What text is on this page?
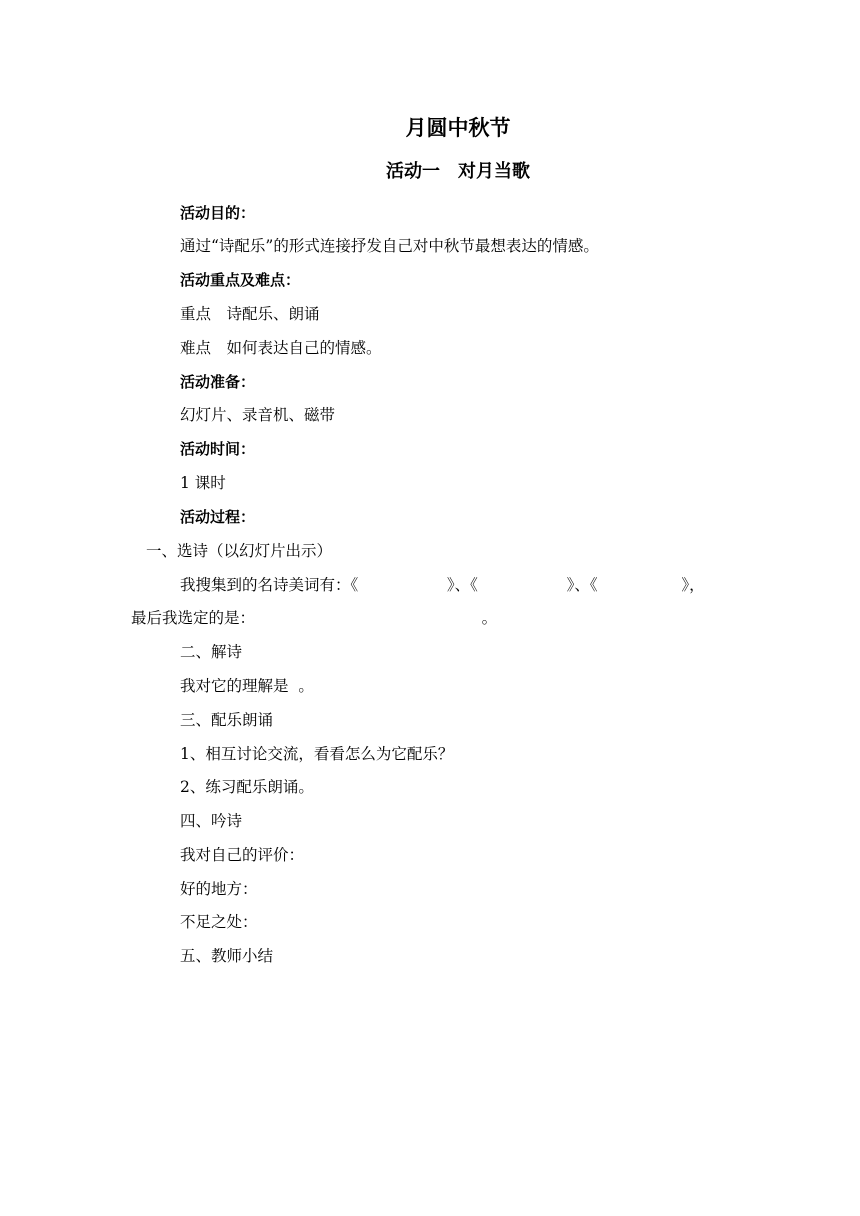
月圆中秋节
活动一　对月当歌

活动目的：

通过“诗配乐”的形式连接抒发自己对中秋节最想表达的情感。

活动重点及难点：

重点　诗配乐、朗诵

难点　如何表达自己的情感。

活动准备：

幻灯片、录音机、磁带

活动时间：

1 课时

活动过程：

一、选诗（以幻灯片出示）

我搜集到的名诗美词有：《                  》、《                  》、《                 》，

最后我选定的是：                                              。

二、解诗

我对它的理解是  。

三、配乐朗诵

1、相互讨论交流，看看怎么为它配乐？

2、练习配乐朗诵。

四、吟诗

我对自己的评价：

好的地方：

不足之处：

五、教师小结
